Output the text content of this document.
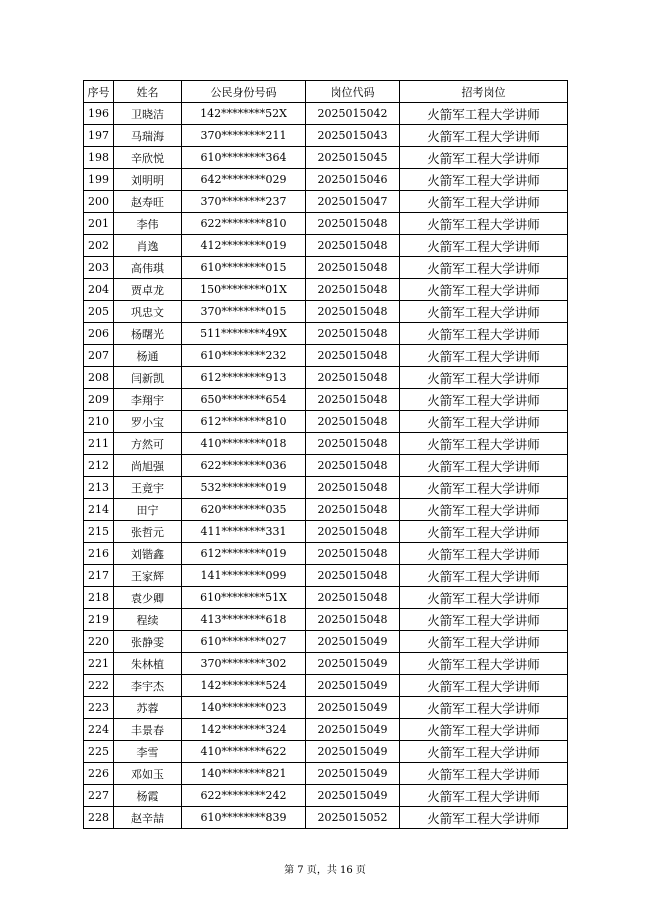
序号	姓名	公民身份号码	岗位代码	招考岗位
196	卫晓洁	142********52X	2025015042	火箭军工程大学讲师
197	马瑞海	370********211	2025015043	火箭军工程大学讲师
198	辛欣悦	610********364	2025015045	火箭军工程大学讲师
199	刘明明	642********029	2025015046	火箭军工程大学讲师
200	赵寿旺	370********237	2025015047	火箭军工程大学讲师
201	李伟	622********810	2025015048	火箭军工程大学讲师
202	肖逸	412********019	2025015048	火箭军工程大学讲师
203	高伟琪	610********015	2025015048	火箭军工程大学讲师
204	贾卓龙	150********01X	2025015048	火箭军工程大学讲师
205	巩忠文	370********015	2025015048	火箭军工程大学讲师
206	杨曙光	511********49X	2025015048	火箭军工程大学讲师
207	杨通	610********232	2025015048	火箭军工程大学讲师
208	闫新凯	612********913	2025015048	火箭军工程大学讲师
209	李翔宇	650********654	2025015048	火箭军工程大学讲师
210	罗小宝	612********810	2025015048	火箭军工程大学讲师
211	方然可	410********018	2025015048	火箭军工程大学讲师
212	尚旭强	622********036	2025015048	火箭军工程大学讲师
213	王竟宇	532********019	2025015048	火箭军工程大学讲师
214	田宁	620********035	2025015048	火箭军工程大学讲师
215	张哲元	411********331	2025015048	火箭军工程大学讲师
216	刘锴鑫	612********019	2025015048	火箭军工程大学讲师
217	王家辉	141********099	2025015048	火箭军工程大学讲师
218	袁少卿	610********51X	2025015048	火箭军工程大学讲师
219	程续	413********618	2025015048	火箭军工程大学讲师
220	张静雯	610********027	2025015049	火箭军工程大学讲师
221	朱林植	370********302	2025015049	火箭军工程大学讲师
222	李宇杰	142********524	2025015049	火箭军工程大学讲师
223	苏蓉	140********023	2025015049	火箭军工程大学讲师
224	丰景春	142********324	2025015049	火箭军工程大学讲师
225	李雪	410********622	2025015049	火箭军工程大学讲师
226	邓如玉	140********821	2025015049	火箭军工程大学讲师
227	杨霞	622********242	2025015049	火箭军工程大学讲师
228	赵辛喆	610********839	2025015052	火箭军工程大学讲师
第 7 页，共 16 页
